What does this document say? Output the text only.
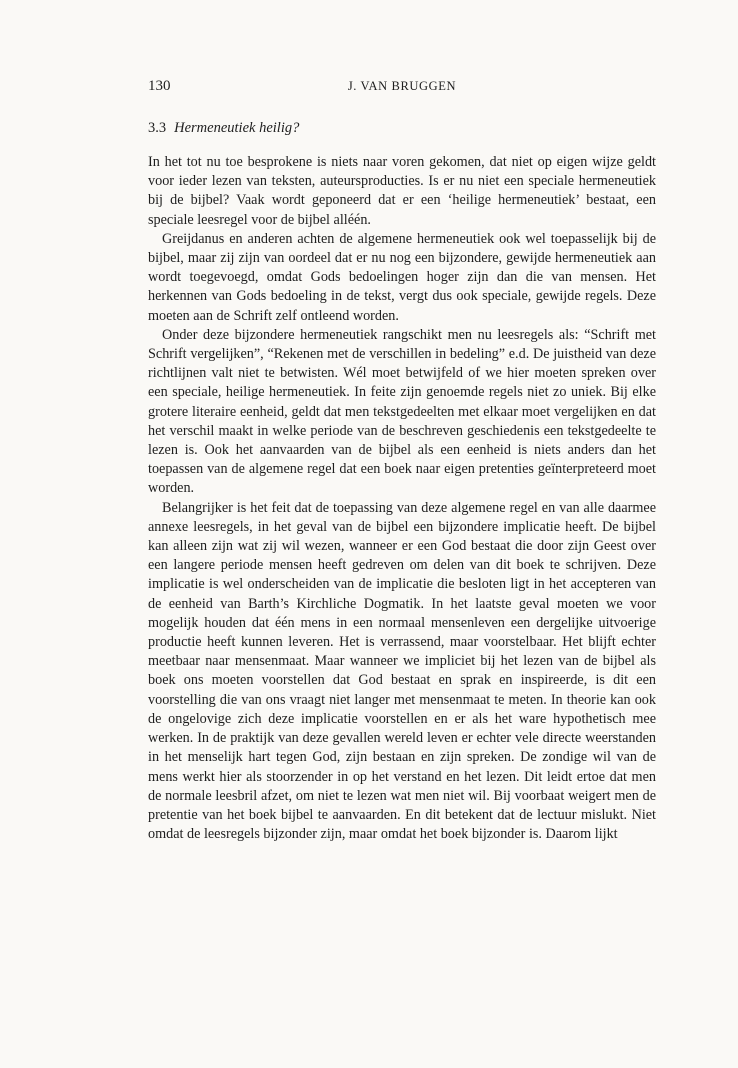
130	J. VAN BRUGGEN
3.3 Hermeneutiek heilig?

In het tot nu toe besprokene is niets naar voren gekomen, dat niet op eigen wijze geldt voor ieder lezen van teksten, auteursproducties. Is er nu niet een speciale hermeneutiek bij de bijbel? Vaak wordt geponeerd dat er een ‘heilige hermeneutiek’ bestaat, een speciale leesregel voor de bijbel alléén.

Greijdanus en anderen achten de algemene hermeneutiek ook wel toepasselijk bij de bijbel, maar zij zijn van oordeel dat er nu nog een bijzondere, gewijde hermeneutiek aan wordt toegevoegd, omdat Gods bedoelingen hoger zijn dan die van mensen. Het herkennen van Gods bedoeling in de tekst, vergt dus ook speciale, gewijde regels. Deze moeten aan de Schrift zelf ontleend worden.

Onder deze bijzondere hermeneutiek rangschikt men nu leesregels als: “Schrift met Schrift vergelijken”, “Rekenen met de verschillen in bedeling” e.d. De juistheid van deze richtlijnen valt niet te betwisten. Wél moet betwijfeld of we hier moeten spreken over een speciale, heilige hermeneutiek. In feite zijn genoemde regels niet zo uniek. Bij elke grotere literaire eenheid, geldt dat men tekstgedeelten met elkaar moet vergelijken en dat het verschil maakt in welke periode van de beschreven geschiedenis een tekstgedeelte te lezen is. Ook het aanvaarden van de bijbel als een eenheid is niets anders dan het toepassen van de algemene regel dat een boek naar eigen pretenties geïnterpreteerd moet worden.

Belangrijker is het feit dat de toepassing van deze algemene regel en van alle daarmee annexe leesregels, in het geval van de bijbel een bijzondere implicatie heeft. De bijbel kan alleen zijn wat zij wil wezen, wanneer er een God bestaat die door zijn Geest over een langere periode mensen heeft gedreven om delen van dit boek te schrijven. Deze implicatie is wel onderscheiden van de implicatie die besloten ligt in het accepteren van de eenheid van Barth’s Kirchliche Dogmatik. In het laatste geval moeten we voor mogelijk houden dat één mens in een normaal mensenleven een dergelijke uitvoerige productie heeft kunnen leveren. Het is verrassend, maar voorstelbaar. Het blijft echter meetbaar naar mensenmaat. Maar wanneer we impliciet bij het lezen van de bijbel als boek ons moeten voorstellen dat God bestaat en sprak en inspireerde, is dit een voorstelling die van ons vraagt niet langer met mensenmaat te meten. In theorie kan ook de ongelovige zich deze implicatie voorstellen en er als het ware hypothetisch mee werken. In de praktijk van deze gevallen wereld leven er echter vele directe weerstanden in het menselijk hart tegen God, zijn bestaan en zijn spreken. De zondige wil van de mens werkt hier als stoorzender in op het verstand en het lezen. Dit leidt ertoe dat men de normale leesbril afzet, om niet te lezen wat men niet wil. Bij voorbaat weigert men de pretentie van het boek bijbel te aanvaarden. En dit betekent dat de lectuur mislukt. Niet omdat de leesregels bijzonder zijn, maar omdat het boek bijzonder is. Daarom lijkt
